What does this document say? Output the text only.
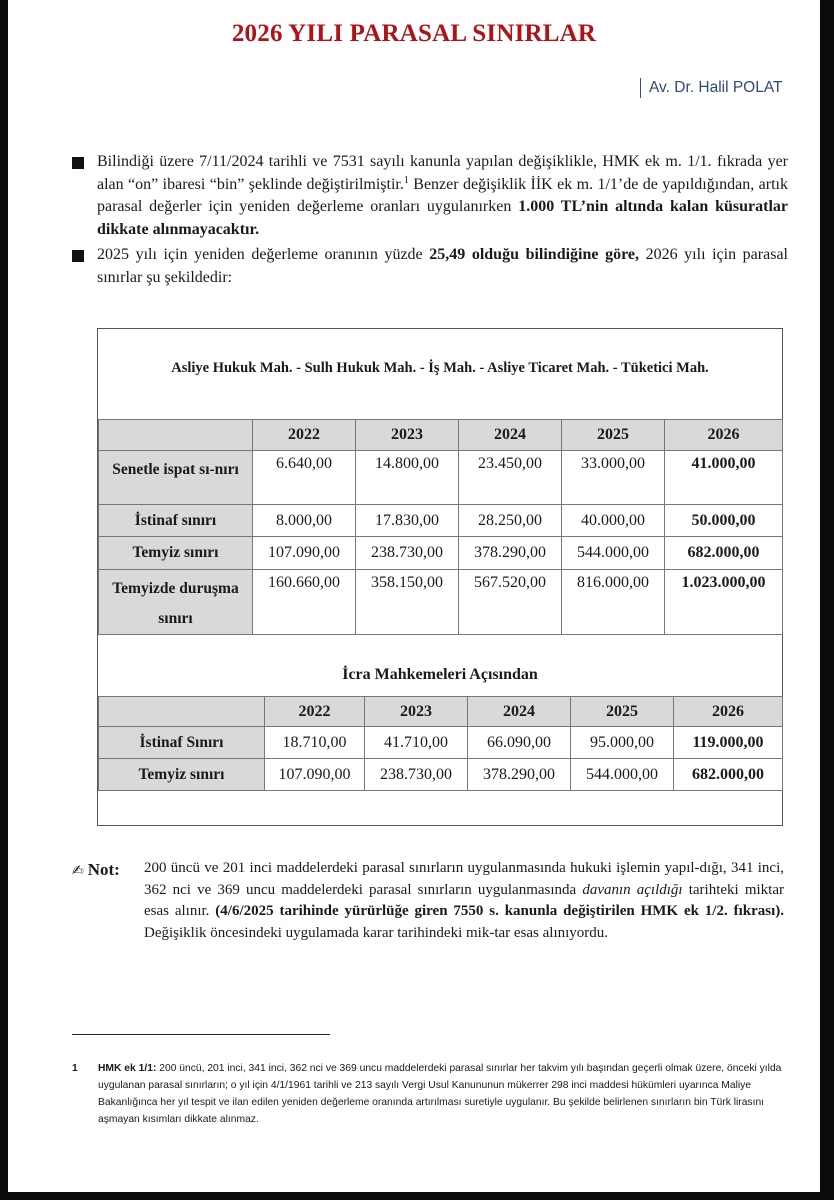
2026 YILI PARASAL SINIRLAR
Av. Dr. Halil POLAT
Bilindiği üzere 7/11/2024 tarihli ve 7531 sayılı kanunla yapılan değişiklikle, HMK ek m. 1/1. fıkrada yer alan “on” ibaresi “bin” şeklinde değiştirilmiştir.$^1$ Benzer değişiklik İİK ek m. 1/1’de de yapıldığından, artık parasal değerler için yeniden değerleme oranları uygulanırken 1.000 TL’nin altında kalan küsuratlar dikkate alınmayacaktır.
2025 yılı için yeniden değerleme oranının yüzde 25,49 olduğu bilindiğine göre, 2026 yılı için parasal sınırlar şu şekildedir:
Asliye Hukuk Mah. - Sulh Hukuk Mah. - İş Mah. - Asliye Ticaret Mah. - Tüketici Mah.
	2022	2023	2024	2025	2026
Senetle ispat sı-nırı	6.640,00	14.800,00	23.450,00	33.000,00	41.000,00
İstinaf sınırı	8.000,00	17.830,00	28.250,00	40.000,00	50.000,00
Temyiz sınırı	107.090,00	238.730,00	378.290,00	544.000,00	682.000,00
Temyizde duruşma sınırı	160.660,00	358.150,00	567.520,00	816.000,00	1.023.000,00
İcra Mahkemeleri Açısından
	2022	2023	2024	2025	2026
İstinaf Sınırı	18.710,00	41.710,00	66.090,00	95.000,00	119.000,00
Temyiz sınırı	107.090,00	238.730,00	378.290,00	544.000,00	682.000,00
✍ Not: 200 üncü ve 201 inci maddelerdeki parasal sınırların uygulanmasında hukuki işlemin yapıl-dığı, 341 inci, 362 nci ve 369 uncu maddelerdeki parasal sınırların uygulanmasında davanın açıldığı tarihteki miktar esas alınır. (4/6/2025 tarihinde yürürlüğe giren 7550 s. kanunla değiştirilen HMK ek 1/2. fıkrası). Değişiklik öncesindeki uygulamada karar tarihindeki mik-tar esas alınıyordu.
1 HMK ek 1/1: 200 üncü, 201 inci, 341 inci, 362 nci ve 369 uncu maddelerdeki parasal sınırlar her takvim yılı başından geçerli olmak üzere, önceki yılda uygulanan parasal sınırların; o yıl için 4/1/1961 tarihli ve 213 sayılı Vergi Usul Kanununun mükerrer 298 inci maddesi hükümleri uyarınca Maliye Bakanlığınca her yıl tespit ve ilan edilen yeniden değerleme oranında artırılması suretiyle uygulanır. Bu şekilde belirlenen sınırların bin Türk lirasını aşmayan kısımları dikkate alınmaz.
